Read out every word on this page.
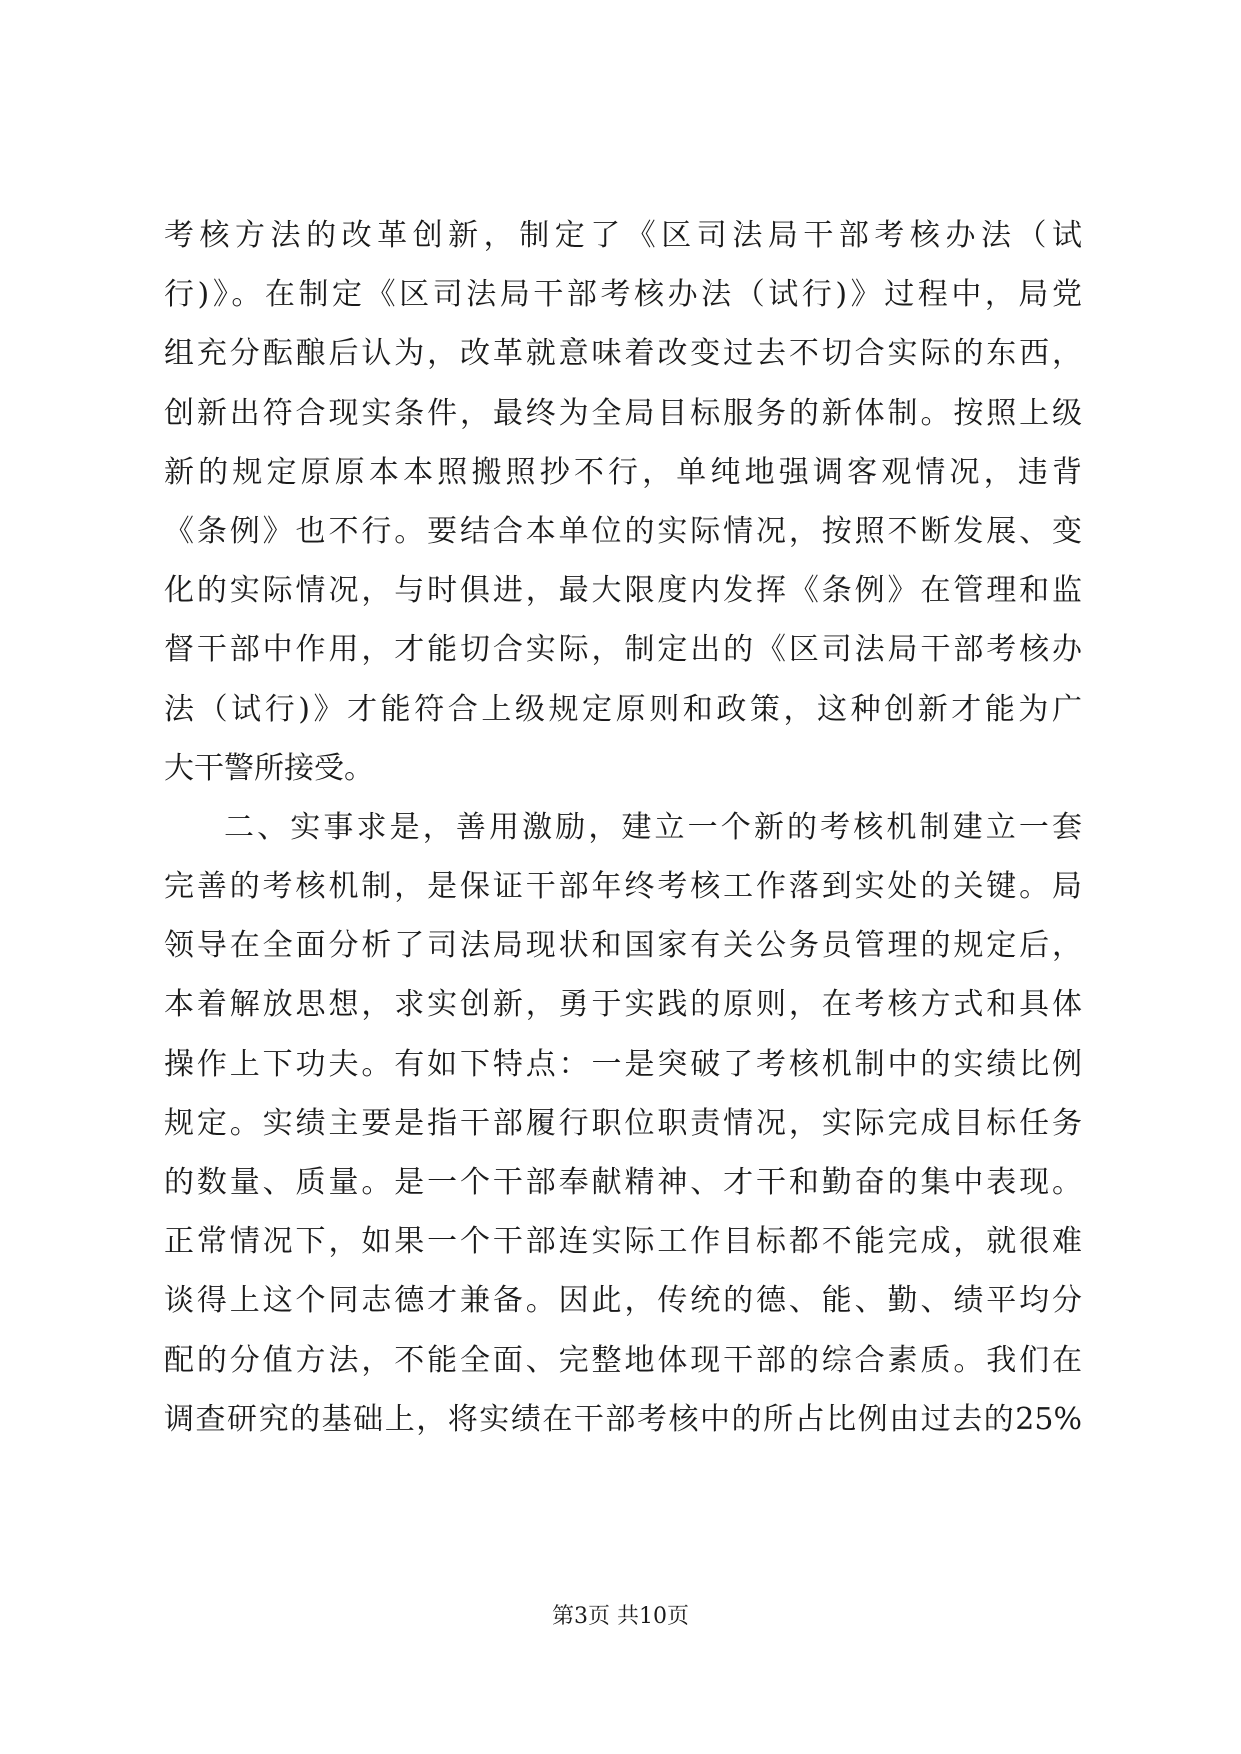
考核方法的改革创新，制定了《区司法局干部考核办法（试
行)》。在制定《区司法局干部考核办法（试行)》过程中，局党
组充分酝酿后认为，改革就意味着改变过去不切合实际的东西，
创新出符合现实条件，最终为全局目标服务的新体制。按照上级
新的规定原原本本照搬照抄不行，单纯地强调客观情况，违背
《条例》也不行。要结合本单位的实际情况，按照不断发展、变
化的实际情况，与时俱进，最大限度内发挥《条例》在管理和监
督干部中作用，才能切合实际，制定出的《区司法局干部考核办
法（试行)》才能符合上级规定原则和政策，这种创新才能为广
大干警所接受。
二、实事求是，善用激励，建立一个新的考核机制建立一套
完善的考核机制，是保证干部年终考核工作落到实处的关键。局
领导在全面分析了司法局现状和国家有关公务员管理的规定后，
本着解放思想，求实创新，勇于实践的原则，在考核方式和具体
操作上下功夫。有如下特点：一是突破了考核机制中的实绩比例
规定。实绩主要是指干部履行职位职责情况，实际完成目标任务
的数量、质量。是一个干部奉献精神、才干和勤奋的集中表现。
正常情况下，如果一个干部连实际工作目标都不能完成，就很难
谈得上这个同志德才兼备。因此，传统的德、能、勤、绩平均分
配的分值方法，不能全面、完整地体现干部的综合素质。我们在
调查研究的基础上，将实绩在干部考核中的所占比例由过去的25%
第3页 共10页
